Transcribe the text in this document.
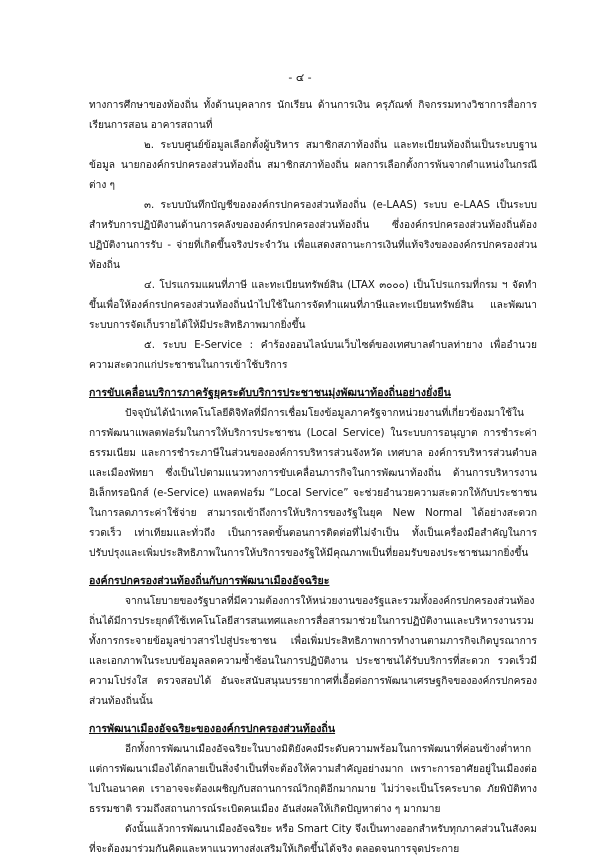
- ๔ -

ทางการศึกษาของท้องถิ่น ทั้งด้านบุคลากร นักเรียน ด้านการเงิน ครุภัณฑ์ กิจกรรมทางวิชาการสื่อการเรียนการสอน อาคารสถานที่

๒. ระบบศูนย์ข้อมูลเลือกตั้งผู้บริหาร สมาชิกสภาท้องถิ่น และทะเบียนท้องถิ่นเป็นระบบฐานข้อมูล นายกองค์กรปกครองส่วนท้องถิ่น สมาชิกสภาท้องถิ่น ผลการเลือกตั้งการพ้นจากตำแหน่งในกรณีต่าง ๆ

๓. ระบบบันทึกบัญชีขององค์กรปกครองส่วนท้องถิ่น (e-LAAS) ระบบ e-LAAS เป็นระบบสำหรับการปฏิบัติงานด้านการคลังขององค์กรปกครองส่วนท้องถิ่น ซึ่งองค์กรปกครองส่วนท้องถิ่นต้องปฏิบัติงานการรับ - จ่ายที่เกิดขึ้นจริงประจำวัน เพื่อแสดงสถานะการเงินที่แท้จริงขององค์กรปกครองส่วนท้องถิ่น

๔. โปรแกรมแผนที่ภาษี และทะเบียนทรัพย์สิน (LTAX ๓๐๐๐) เป็นโปรแกรมที่กรม ฯ จัดทำขึ้นเพื่อให้องค์กรปกครองส่วนท้องถิ่นนำไปใช้ในการจัดทำแผนที่ภาษีและทะเบียนทรัพย์สิน และพัฒนาระบบการจัดเก็บรายได้ให้มีประสิทธิภาพมากยิ่งขึ้น

๕. ระบบ E-Service : คำร้องออนไลน์บนเว็บไซต์ของเทศบาลตำบลท่ายาง เพื่ออำนวยความสะดวกแก่ประชาชนในการเข้าใช้บริการ

การขับเคลื่อนบริการภาครัฐยุคระดับบริการประชาชนมุ่งพัฒนาท้องถิ่นอย่างยั่งยืน

ปัจจุบันได้นำเทคโนโลยีดิจิทัลที่มีการเชื่อมโยงข้อมูลภาครัฐจากหน่วยงานที่เกี่ยวข้องมาใช้ในการพัฒนาแพลตฟอร์มในการให้บริการประชาชน (Local Service) ในระบบการอนุญาต การชำระค่าธรรมเนียม และการชำระภาษีในส่วนขององค์การบริหารส่วนจังหวัด เทศบาล องค์การบริหารส่วนตำบลและเมืองพัทยา ซึ่งเป็นไปตามแนวทางการขับเคลื่อนภารกิจในการพัฒนาท้องถิ่น ด้านการบริหารงานอิเล็กทรอนิกส์ (e-Service) แพลตฟอร์ม “Local Service” จะช่วยอำนวยความสะดวกให้กับประชาชนในการลดภาระค่าใช้จ่าย สามารถเข้าถึงการให้บริการของรัฐในยุค New Normal ได้อย่างสะดวก รวดเร็ว เท่าเทียมและทั่วถึง เป็นการลดขั้นตอนการติดต่อที่ไม่จำเป็น ทั้งเป็นเครื่องมือสำคัญในการปรับปรุงและเพิ่มประสิทธิภาพในการให้บริการของรัฐให้มีคุณภาพเป็นที่ยอมรับของประชาชนมากยิ่งขึ้น

องค์กรปกครองส่วนท้องถิ่นกับการพัฒนาเมืองอัจฉริยะ

จากนโยบายของรัฐบาลที่มีความต้องการให้หน่วยงานของรัฐและรวมทั้งองค์กรปกครองส่วนท้องถิ่นได้มีการประยุกต์ใช้เทคโนโลยีสารสนเทศและการสื่อสารมาช่วยในการปฏิบัติงานและบริหารงานรวมทั้งการกระจายข้อมูลข่าวสารไปสู่ประชาชน เพื่อเพิ่มประสิทธิภาพการทำงานตามภารกิจเกิดบูรณาการและเอกภาพในระบบข้อมูลลดความซ้ำซ้อนในการปฏิบัติงาน ประชาชนได้รับบริการที่สะดวก รวดเร็วมีความโปร่งใส ตรวจสอบได้ อันจะสนับสนุนบรรยากาศที่เอื้อต่อการพัฒนาเศรษฐกิจขององค์กรปกครองส่วนท้องถิ่นนั้น

การพัฒนาเมืองอัจฉริยะขององค์กรปกครองส่วนท้องถิ่น

อีกทั้งการพัฒนาเมืองอัจฉริยะในบางมิติยังคงมีระดับความพร้อมในการพัฒนาที่ค่อนข้างต่ำหากแต่การพัฒนาเมืองได้กลายเป็นสิ่งจำเป็นที่จะต้องให้ความสำคัญอย่างมาก เพราะการอาศัยอยู่ในเมืองต่อไปในอนาคต เราอาจจะต้องเผชิญกับสถานการณ์วิกฤติอีกมากมาย ไม่ว่าจะเป็นโรคระบาด ภัยพิบัติทางธรรมชาติ รวมถึงสถานการณ์ระเบิดคนเมือง อันส่งผลให้เกิดปัญหาต่าง ๆ มากมาย

ดังนั้นแล้วการพัฒนาเมืองอัจฉริยะ หรือ Smart City จึงเป็นทางออกสำหรับทุกภาคส่วนในสังคมที่จะต้องมาร่วมกันคิดและหาแนวทางส่งเสริมให้เกิดขึ้นได้จริง ตลอดจนการจุดประกาย
